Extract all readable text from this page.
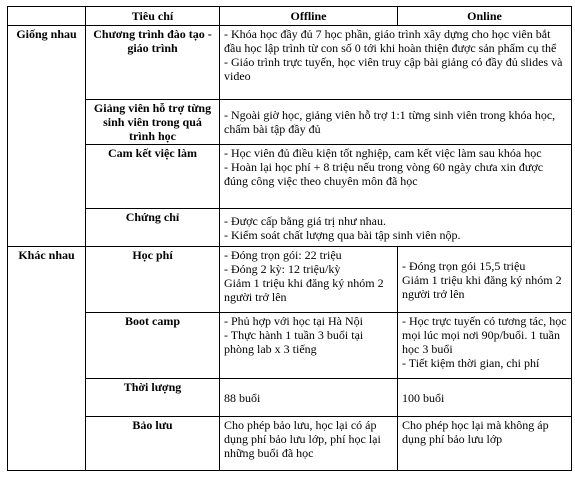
	Tiêu chí	Offline	Online
Giống nhau	Chương trình đào tạo - giáo trình	- Khóa học đầy đủ 7 học phần, giáo trình xây dựng cho học viên bắt đầu học lập trình từ con số 0 tới khi hoàn thiện được sản phẩm cụ thể
- Giáo trình trực tuyến, học viên truy cập bài giảng có đầy đủ slides và video	

	Giảng viên hỗ trợ từng sinh viên trong quá trình học	- Ngoài giờ học, giảng viên hỗ trợ 1:1 từng sinh viên trong khóa học, chấm bài tập đầy đủ	

	Cam kết việc làm	- Học viên đủ điều kiện tốt nghiệp, cam kết việc làm sau khóa học
- Hoàn lại học phí + 8 triệu nếu trong vòng 60 ngày chưa xin được đúng công việc theo chuyên môn đã học	

	Chứng chỉ	- Được cấp bằng giá trị như nhau.
- Kiểm soát chất lượng qua bài tập sinh viên nộp.	

Khác nhau	Học phí	- Đóng trọn gói: 22 triệu
- Đóng 2 kỳ: 12 triệu/kỳ
Giảm 1 triệu khi đăng ký nhóm 2 người trở lên	- Đóng trọn gói 15,5 triệu
Giảm 1 triệu khi đăng ký nhóm 2 người trở lên

	Boot camp	- Phủ hợp với học tại Hà Nội
- Thực hành 1 tuần 3 buổi tại phòng lab x 3 tiếng	- Học trực tuyến có tương tác, học mọi lúc mọi nơi 90p/buổi. 1 tuần học 3 buổi
- Tiết kiệm thời gian, chi phí

	Thời lượng	88 buổi	100 buổi

	Bảo lưu	Cho phép bảo lưu, học lại có áp dụng phí bảo lưu lớp, phí học lại những buổi đã học	Cho phép học lại mà không áp dụng phí bảo lưu lớp
